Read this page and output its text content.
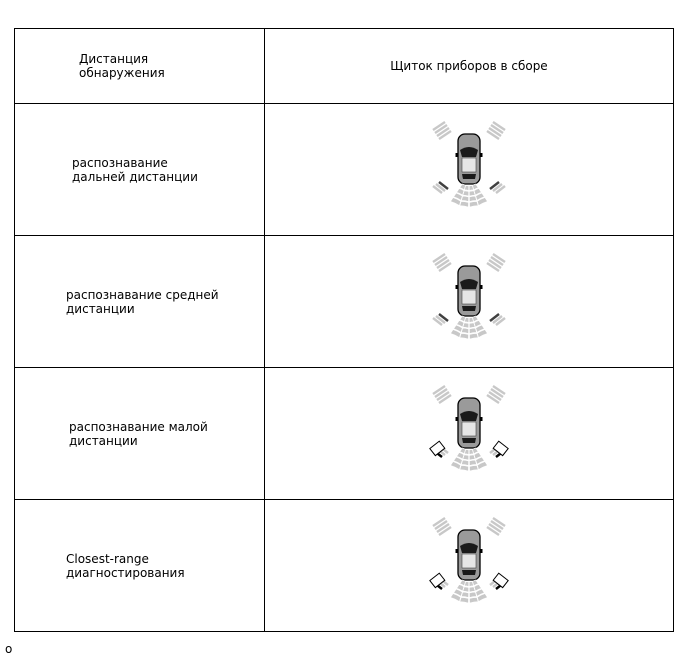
Дистанция
обнаружения	Щиток приборов в сборе

распознавание
дальней дистанции

распознавание средней
дистанции

распознавание малой
дистанции

Closest-range
диагностирования

o
